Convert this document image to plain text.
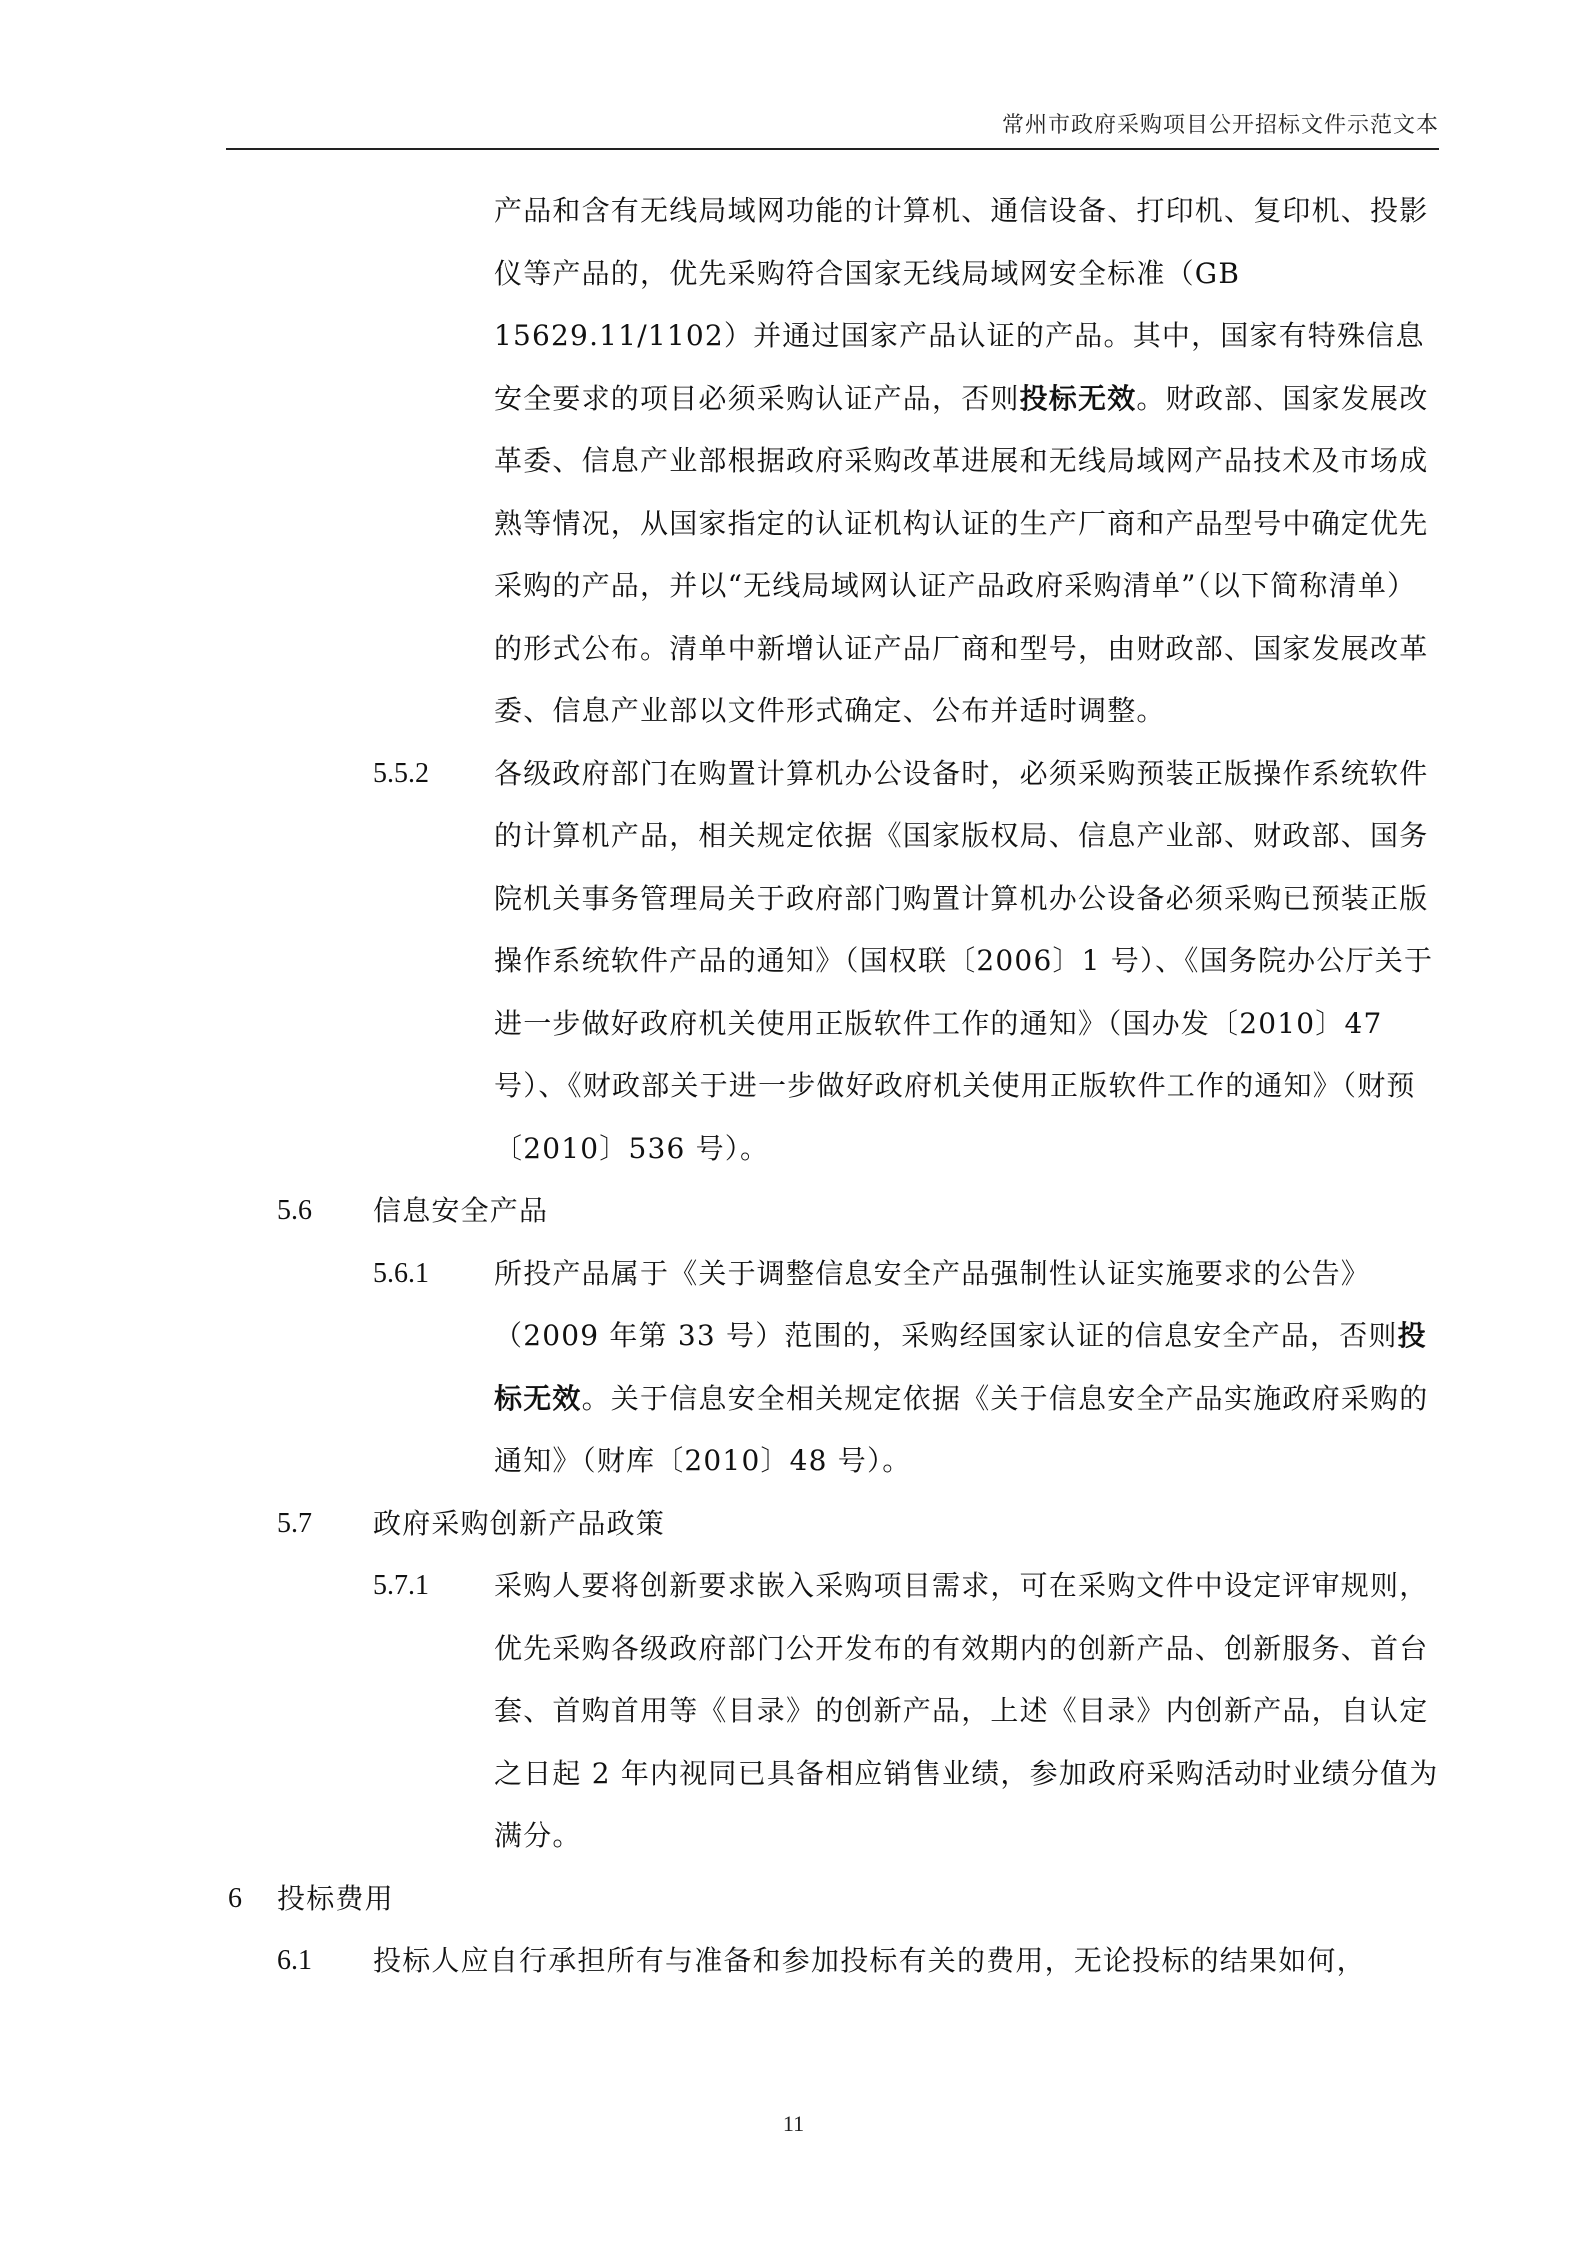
常州市政府采购项目公开招标文件示范文本
产品和含有无线局域网功能的计算机、通信设备、打印机、复印机、投影仪等产品的，优先采购符合国家无线局域网安全标准（GB 15629.11/1102）并通过国家产品认证的产品。其中，国家有特殊信息安全要求的项目必须采购认证产品，否则投标无效。财政部、国家发展改革委、信息产业部根据政府采购改革进展和无线局域网产品技术及市场成熟等情况，从国家指定的认证机构认证的生产厂商和产品型号中确定优先采购的产品，并以“无线局域网认证产品政府采购清单”（以下简称清单）的形式公布。清单中新增认证产品厂商和型号，由财政部、国家发展改革委、信息产业部以文件形式确定、公布并适时调整。
5.5.2	各级政府部门在购置计算机办公设备时，必须采购预装正版操作系统软件的计算机产品，相关规定依据《国家版权局、信息产业部、财政部、国务院机关事务管理局关于政府部门购置计算机办公设备必须采购已预装正版操作系统软件产品的通知》（国权联〔2006〕1 号）、《国务院办公厅关于进一步做好政府机关使用正版软件工作的通知》（国办发〔2010〕47 号）、《财政部关于进一步做好政府机关使用正版软件工作的通知》（财预〔2010〕536 号）。
5.6	信息安全产品
5.6.1	所投产品属于《关于调整信息安全产品强制性认证实施要求的公告》（2009 年第 33 号）范围的，采购经国家认证的信息安全产品，否则投标无效。关于信息安全相关规定依据《关于信息安全产品实施政府采购的通知》（财库〔2010〕48 号）。
5.7	政府采购创新产品政策
5.7.1	采购人要将创新要求嵌入采购项目需求，可在采购文件中设定评审规则，优先采购各级政府部门公开发布的有效期内的创新产品、创新服务、首台套、首购首用等《目录》的创新产品，上述《目录》内创新产品，自认定之日起 2 年内视同已具备相应销售业绩，参加政府采购活动时业绩分值为满分。
6	投标费用
6.1	投标人应自行承担所有与准备和参加投标有关的费用，无论投标的结果如何，
11
